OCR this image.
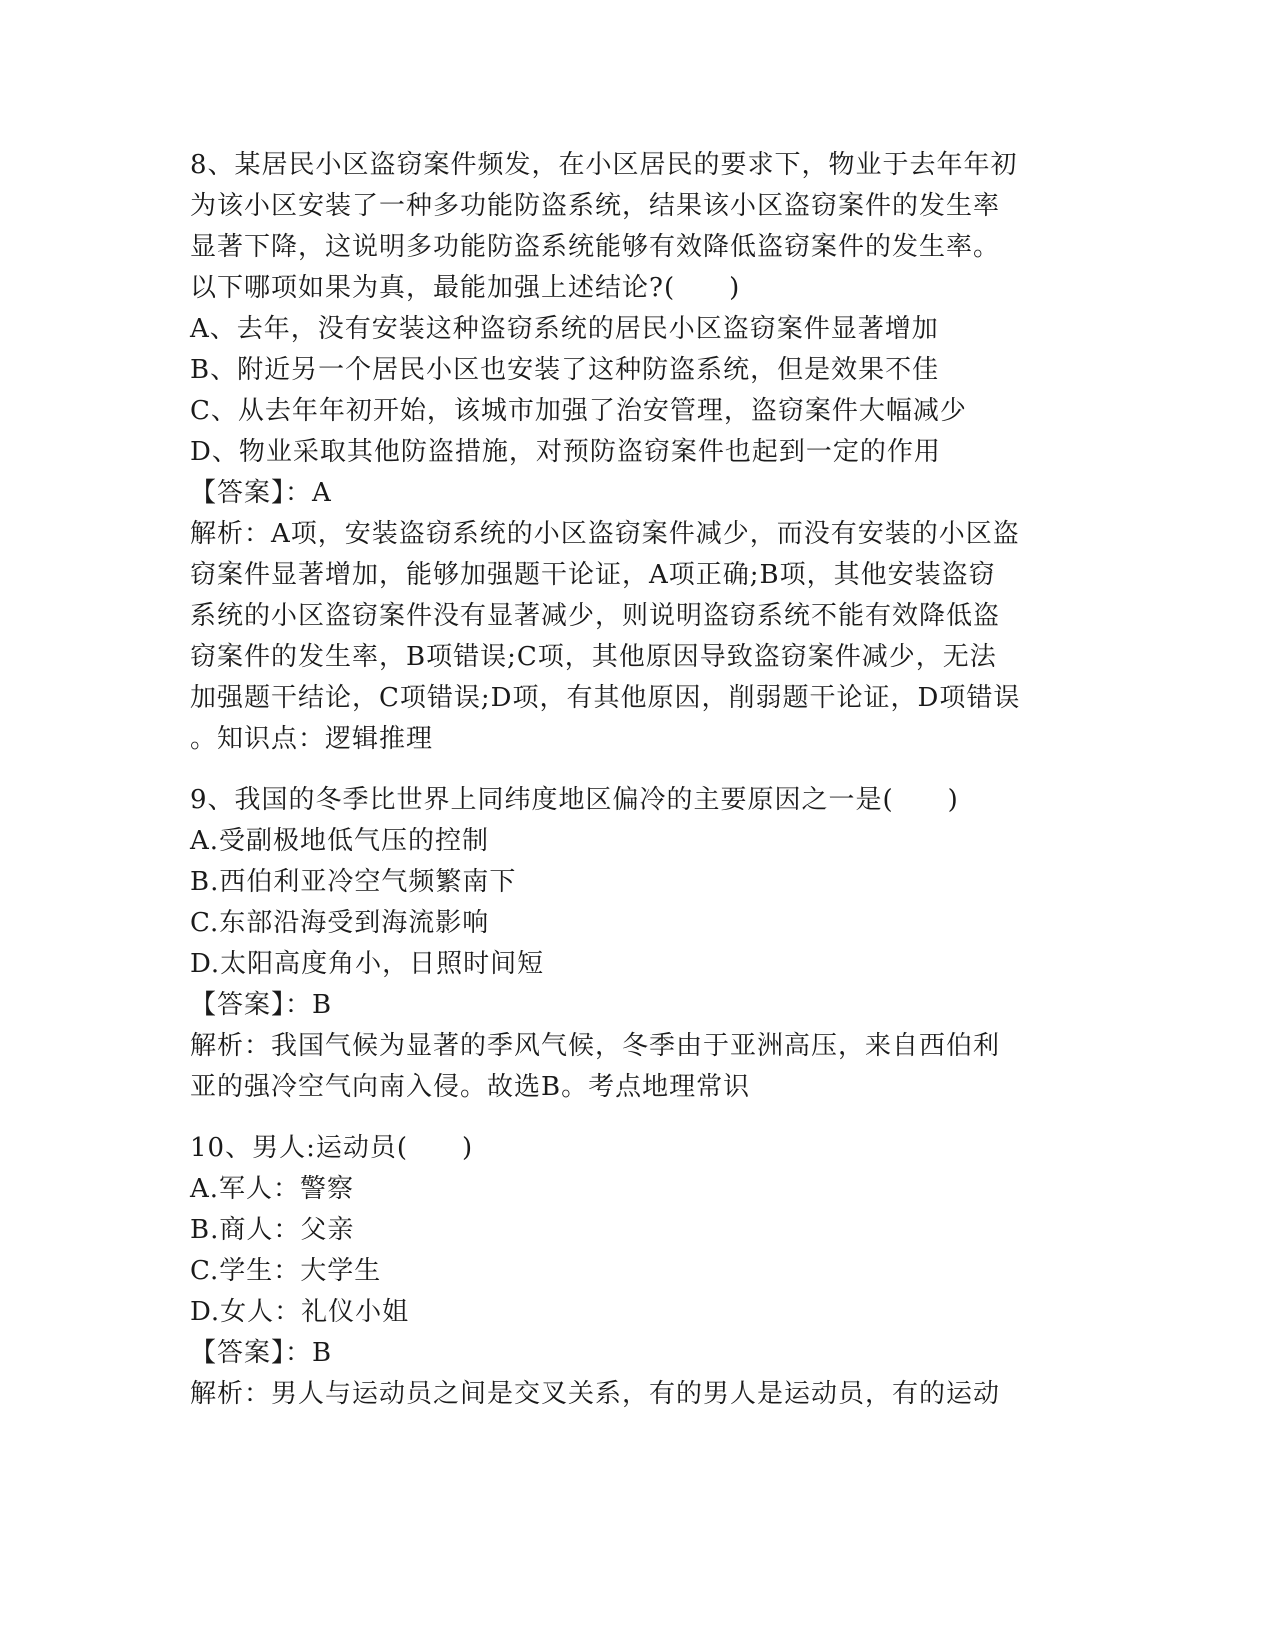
8、某居民小区盗窃案件频发，在小区居民的要求下，物业于去年年初
为该小区安装了一种多功能防盗系统，结果该小区盗窃案件的发生率
显著下降，这说明多功能防盗系统能够有效降低盗窃案件的发生率。
以下哪项如果为真，最能加强上述结论?(　　)
A、去年，没有安装这种盗窃系统的居民小区盗窃案件显著增加
B、附近另一个居民小区也安装了这种防盗系统，但是效果不佳
C、从去年年初开始，该城市加强了治安管理，盗窃案件大幅减少
D、物业采取其他防盗措施，对预防盗窃案件也起到一定的作用
【答案】：A
解析：A项，安装盗窃系统的小区盗窃案件减少，而没有安装的小区盗
窃案件显著增加，能够加强题干论证，A项正确;B项，其他安装盗窃
系统的小区盗窃案件没有显著减少，则说明盗窃系统不能有效降低盗
窃案件的发生率，B项错误;C项，其他原因导致盗窃案件减少，无法
加强题干结论，C项错误;D项，有其他原因，削弱题干论证，D项错误
。知识点：逻辑推理
9、我国的冬季比世界上同纬度地区偏冷的主要原因之一是(　　)
A.受副极地低气压的控制
B.西伯利亚冷空气频繁南下
C.东部沿海受到海流影响
D.太阳高度角小，日照时间短
【答案】：B
解析：我国气候为显著的季风气候，冬季由于亚洲高压，来自西伯利
亚的强冷空气向南入侵。故选B。考点地理常识
10、男人:运动员(　　)
A.军人：警察
B.商人：父亲
C.学生：大学生
D.女人：礼仪小姐
【答案】：B
解析：男人与运动员之间是交叉关系，有的男人是运动员，有的运动
